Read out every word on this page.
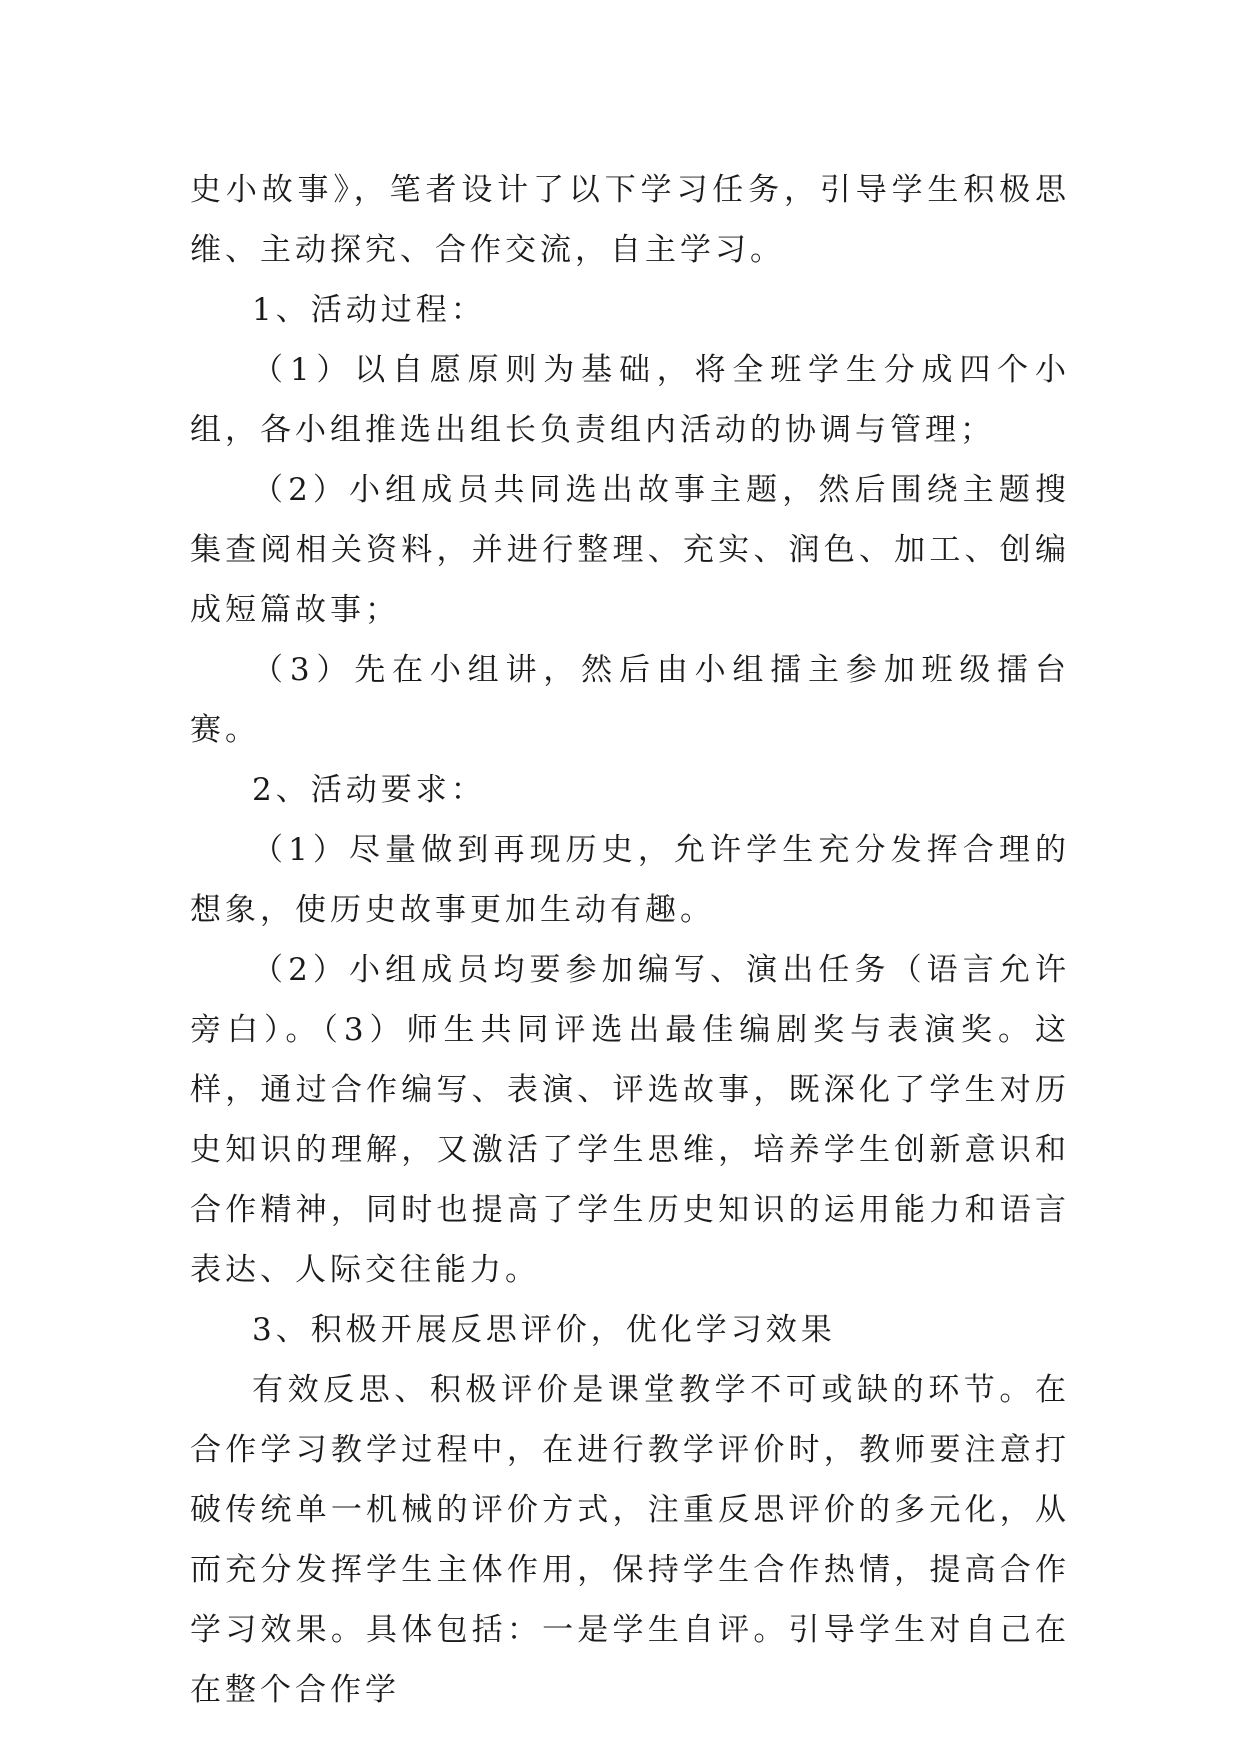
史小故事》，笔者设计了以下学习任务，引导学生积极思维、主动探究、合作交流，自主学习。

1、活动过程：

（1）以自愿原则为基础，将全班学生分成四个小组，各小组推选出组长负责组内活动的协调与管理；

（2）小组成员共同选出故事主题，然后围绕主题搜集查阅相关资料，并进行整理、充实、润色、加工、创编成短篇故事；

（3）先在小组讲，然后由小组擂主参加班级擂台赛。

2、活动要求：

（1）尽量做到再现历史，允许学生充分发挥合理的想象，使历史故事更加生动有趣。

（2）小组成员均要参加编写、演出任务（语言允许旁白）。（3）师生共同评选出最佳编剧奖与表演奖。这样，通过合作编写、表演、评选故事，既深化了学生对历史知识的理解，又激活了学生思维，培养学生创新意识和合作精神，同时也提高了学生历史知识的运用能力和语言表达、人际交往能力。

3、积极开展反思评价，优化学习效果

有效反思、积极评价是课堂教学不可或缺的环节。在合作学习教学过程中，在进行教学评价时，教师要注意打破传统单一机械的评价方式，注重反思评价的多元化，从而充分发挥学生主体作用，保持学生合作热情，提高合作学习效果。具体包括：一是学生自评。引导学生对自己在在整个合作学
